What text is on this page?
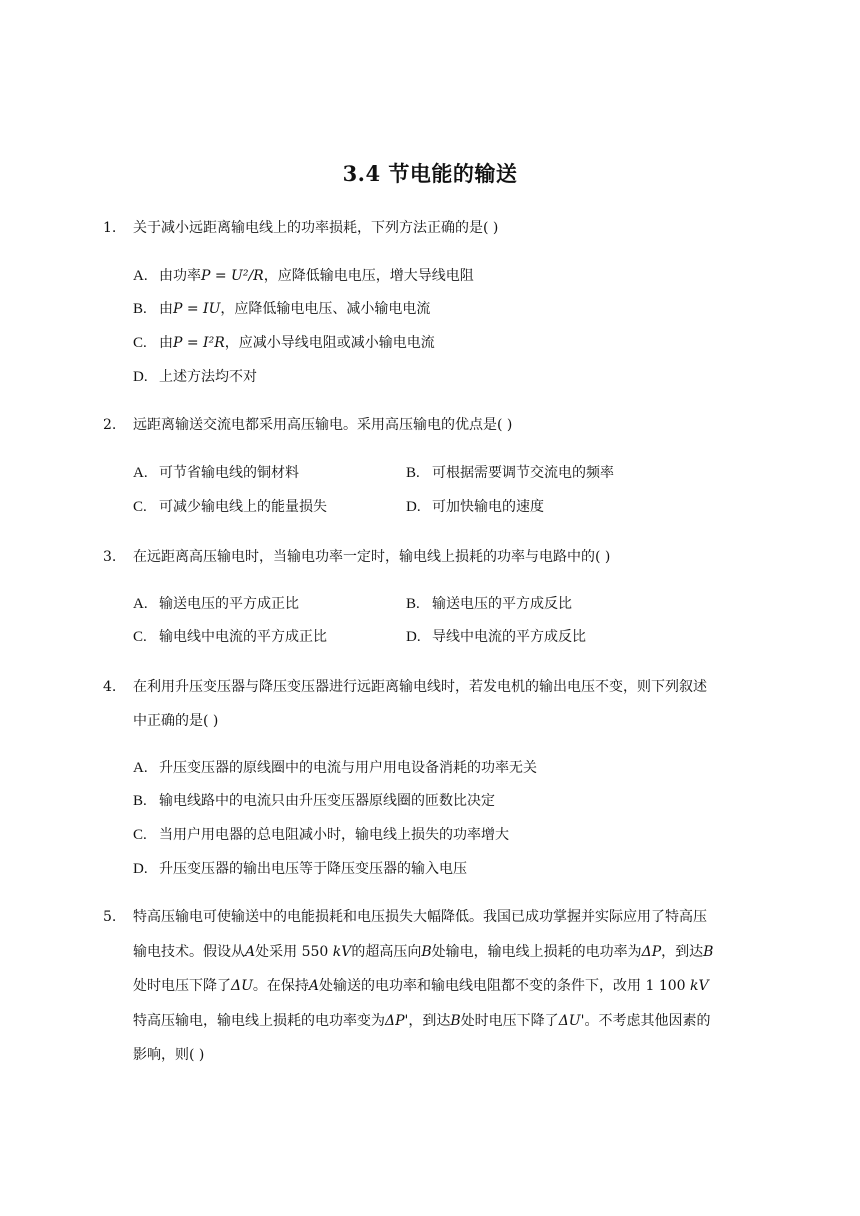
3.4 节电能的输送
1.	关于减小远距离输电线上的功率损耗，下列方法正确的是( )
A. 由功率P = U²/R，应降低输电电压，增大导线电阻
B. 由P = IU，应降低输电电压、减小输电电流
C. 由P = I²R，应减小导线电阻或减小输电电流
D. 上述方法均不对
2.	远距离输送交流电都采用高压输电。采用高压输电的优点是( )
A. 可节省输电线的铜材料	B. 可根据需要调节交流电的频率
C. 可减少输电线上的能量损失	D. 可加快输电的速度
3.	在远距离高压输电时，当输电功率一定时，输电线上损耗的功率与电路中的( )
A. 输送电压的平方成正比	B. 输送电压的平方成反比
C. 输电线中电流的平方成正比	D. 导线中电流的平方成反比
4.	在利用升压变压器与降压变压器进行远距离输电线时，若发电机的输出电压不变，则下列叙述
中正确的是( )
A. 升压变压器的原线圈中的电流与用户用电设备消耗的功率无关
B. 输电线路中的电流只由升压变压器原线圈的匝数比决定
C. 当用户用电器的总电阻减小时，输电线上损失的功率增大
D. 升压变压器的输出电压等于降压变压器的输入电压
5.	特高压输电可使输送中的电能损耗和电压损失大幅降低。我国已成功掌握并实际应用了特高压
输电技术。假设从A处采用 550 kV的超高压向B处输电，输电线上损耗的电功率为ΔP，到达B
处时电压下降了ΔU。在保持A处输送的电功率和输电线电阻都不变的条件下，改用 1 100 kV
特高压输电，输电线上损耗的电功率变为ΔP'，到达B处时电压下降了ΔU'。不考虑其他因素的
影响，则( )
